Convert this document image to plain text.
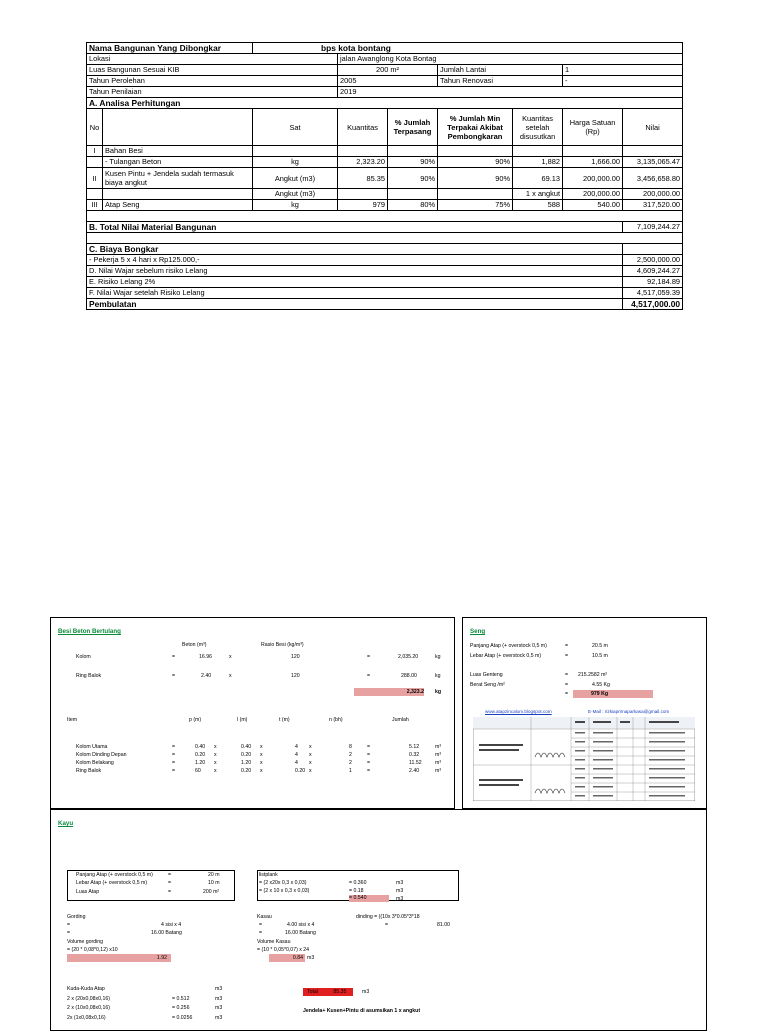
Nama Bangunan Yang Dibongkar		bps kota bontang						
Lokasi			jalan Awanglong Kota Bontag					
Luas Bangunan Sesuai KIB			200 m²		Jumlah Lantai		1	
Tahun Perolehan			2005		Tahun Renovasi		-	
Tahun Penilaian			2019					
A. Analisa Perhitungan								
No		Sat	Kuantitas	% Jumlah Terpasang	% Jumlah Min Terpakai Akibat Pembongkaran	Kuantitas setelah disusutkan	Harga Satuan (Rp)	Nilai
I	Bahan Besi							
	- Tulangan Beton	kg	2,323.20	90%	90%	1,882	1,666.00	3,135,065.47
II	Kusen Pintu + Jendela sudah termasuk biaya angkut	Angkut (m3)	85.35	90%	90%	69.13	200,000.00	3,456,658.80
		Angkut (m3)				1 x angkut	200,000.00	200,000.00
III	Atap Seng	kg	979	80%	75%	588	540.00	317,520.00

B. Total Nilai Material Bangunan								7,109,244.27

C. Biaya Bongkar								
- Pekerja 5 x 4 hari x Rp125.000,-								2,500,000.00
D. Nilai Wajar sebelum risiko Lelang								4,609,244.27
E. Risiko Lelang 2%								92,184.89
F. Nilai Wajar setelah Risiko Lelang								4,517,059.39
Pembulatan								4,517,000.00
Besi Beton Bertulang
Beton (m³)	Rasio Besi (kg/m³)
Kolom	=	16.96	x	120	=	2,035.20	kg
Ring Balok	=	2.40	x	120	=	288.00	kg
2,323.2 kg
Item	p (m)	l (m)	t (m)	n (bh)	Jumlah
Kolom Utama	=	0.40 x	0.40 x	4 x	8	=	5.12	m³
Kolom Dinding Depan	=	0.20 x	0.20 x	4 x	2	=	0.32	m³
Kolom Belakang	=	1.20 x	1.20 x	4 x	2	=	11.52	m³
Ring Balok	=	60	x	0.20 x	0.20 x	1	=	2.40	m³
Seng
Panjang Atap (+ overstock 0,5 m)	=	20.5 m
Lebar Atap (+ overstock 0,5 m)	=	10.5 m
Luas Genteng	= 215.2582 m²
Berat Seng /m²	=	4.55 Kg
=	979 Kg
www.atapzincalum.blogspot.com	E-Mail : rizkiaprirnaparkasa@gmail.com
Kayu
Panjang Atap (+ overstock 0,5 m)	=	20 m
Lebar Atap (+ overstock 0,5 m)	=	10 m
Luas Atap	=	200 m²
listplank
= (2 x20x 0,3 x 0,03)	= 0.360	m3
= (2 x 10 x 0,3 x 0,03)	= 0.18	m3
= 0.540	m3
Gording
=	4 sisi x 4
=	16.00 Batang
Volume gording
= (20 * 0,08*0,12) x10
1.92
Kasau
=	4.00 sisi x 4
=	16.00 Batang
Volume Kasau
= (10 * 0,05*0,07) x 24
0.84 m3
dinding = ((10x 3*0.05*3*18
=	81.00
Kuda-Kuda Atap	m3
2 x (20x0,08x0,16)	= 0.512	m3
2 x (10x0,08x0,16)	= 0.256	m3
2x (1x0,08x0,16)	= 0.0256	m3
Total	85.35	m3
Jendela+ Kusen+Pintu di asumsikan 1 x angkut
